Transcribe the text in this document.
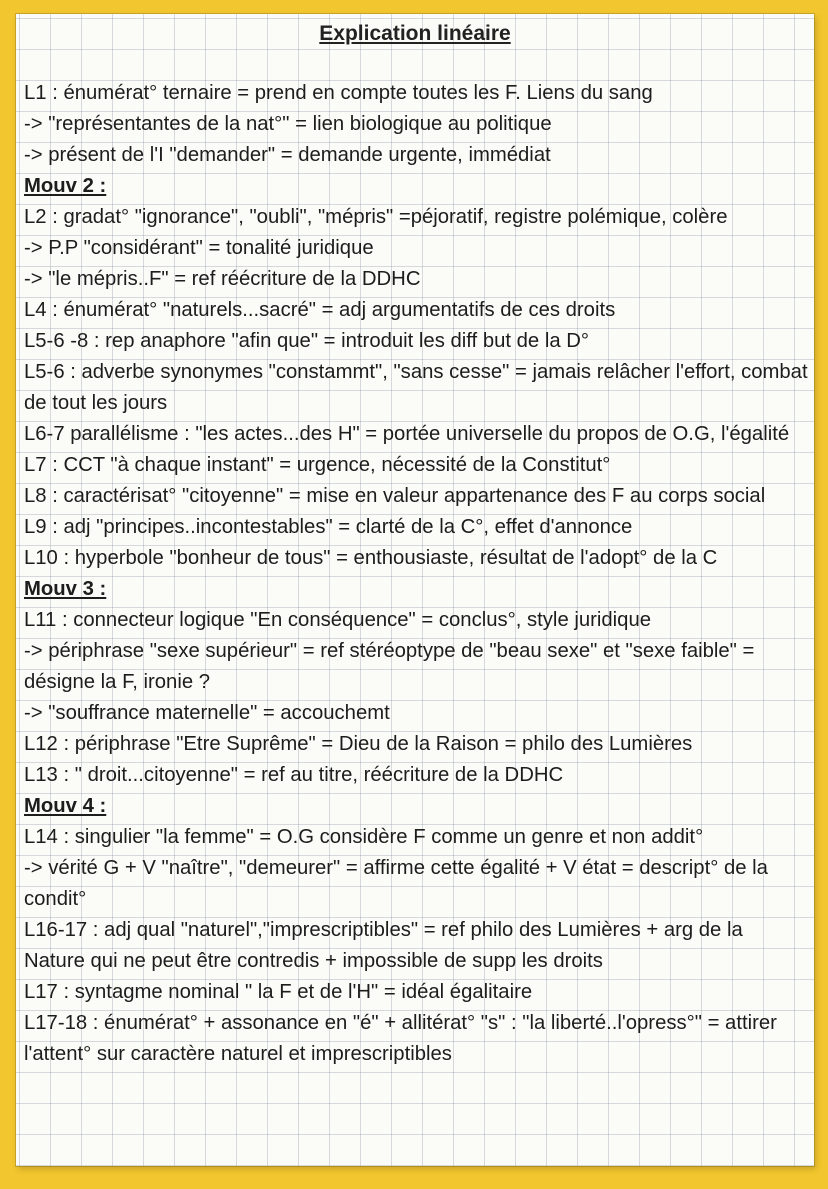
Explication linéaire

L1 : énumérat° ternaire = prend en compte toutes les F. Liens du sang

-> "représentantes de la nat°" = lien biologique au politique

-> présent de l'I "demander" = demande urgente, immédiat

Mouv 2 :

L2 : gradat° "ignorance", "oubli", "mépris" =péjoratif, registre polémique, colère

-> P.P "considérant" = tonalité juridique

-> "le mépris..F" = ref réécriture de la DDHC

L4 : énumérat° "naturels...sacré" = adj argumentatifs de ces droits

L5-6 -8 : rep anaphore "afin que" = introduit les diff but de la D°

L5-6 : adverbe synonymes "constammt", "sans cesse" = jamais relâcher l'effort, combat de tout les jours

L6-7 parallélisme : "les actes...des H" = portée universelle du propos de O.G, l'égalité

L7 : CCT "à chaque instant" = urgence, nécessité de la Constitut°

L8 : caractérisat° "citoyenne" = mise en valeur appartenance des F au corps social

L9 : adj "principes..incontestables" = clarté de la C°, effet d'annonce

L10 : hyperbole "bonheur de tous" = enthousiaste, résultat de l'adopt° de la C

Mouv 3 :

L11 : connecteur logique "En conséquence" = conclus°, style juridique

-> périphrase "sexe supérieur" = ref stéréoptype de "beau sexe" et "sexe faible" = désigne la F, ironie ?

-> "souffrance maternelle" = accouchemt

L12 : périphrase "Etre Suprême" = Dieu de la Raison = philo des Lumières

L13 : " droit...citoyenne" = ref au titre, réécriture de la DDHC

Mouv 4 :

L14 : singulier "la femme" = O.G considère F comme un genre et non addit°

-> vérité G + V "naître", "demeurer" = affirme cette égalité + V état = descript° de la condit°

L16-17 : adj qual "naturel","imprescriptibles" = ref philo des Lumières + arg de la Nature qui ne peut être contredis + impossible de supp les droits

L17 : syntagme nominal " la F et de l'H" = idéal égalitaire

L17-18 : énumérat° + assonance en "é" + allitérat° "s" : "la liberté..l'opress°" = attirer l'attent° sur caractère naturel et imprescriptibles
